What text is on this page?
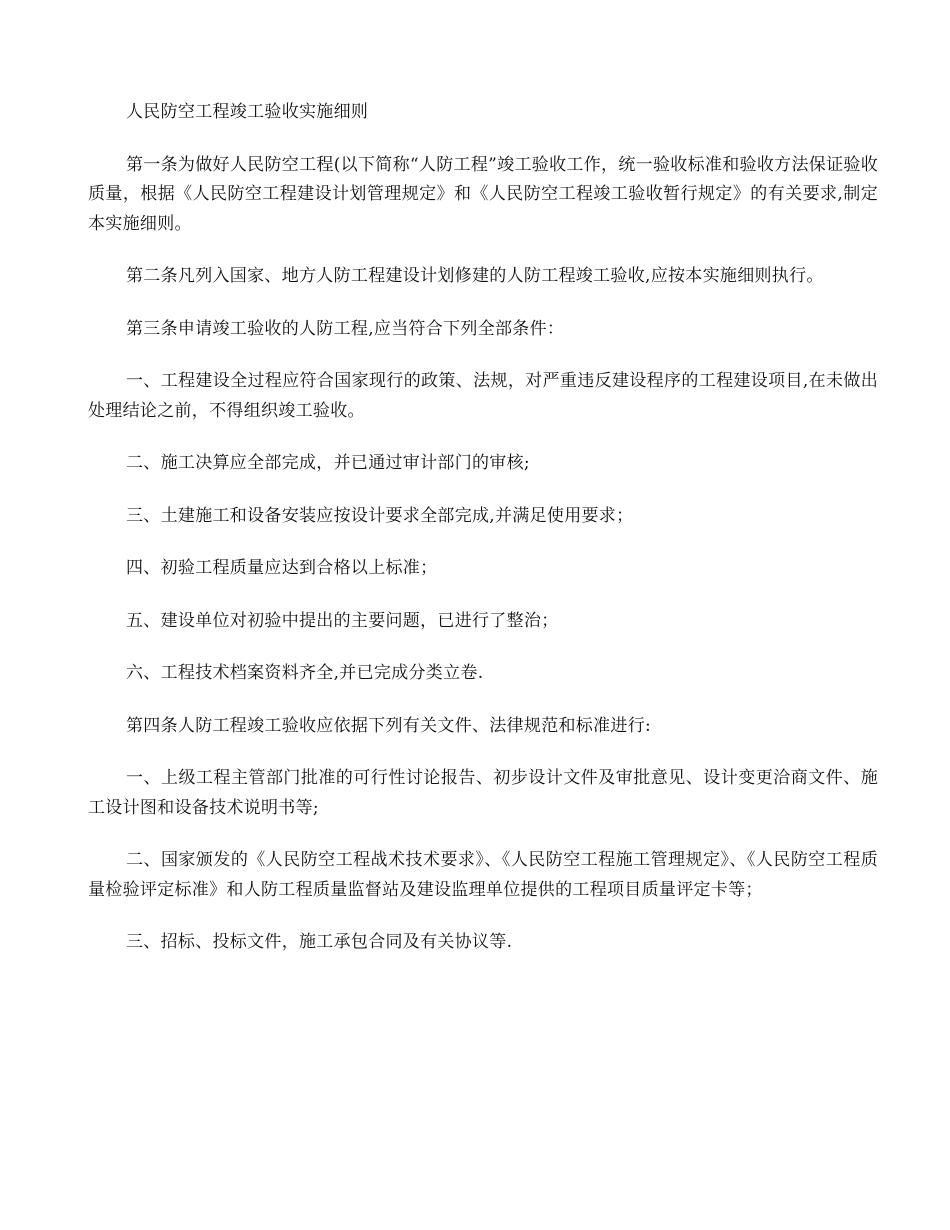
人民防空工程竣工验收实施细则

第一条为做好人民防空工程(以下简称“人防工程”竣工验收工作，统一验收标准和验收方法保证验收质量，根据《人民防空工程建设计划管理规定》和《人民防空工程竣工验收暂行规定》的有关要求,制定本实施细则。

第二条凡列入国家、地方人防工程建设计划修建的人防工程竣工验收,应按本实施细则执行。

第三条申请竣工验收的人防工程,应当符合下列全部条件：

一、工程建设全过程应符合国家现行的政策、法规，对严重违反建设程序的工程建设项目,在未做出处理结论之前，不得组织竣工验收。

二、施工决算应全部完成，并已通过审计部门的审核;

三、土建施工和设备安装应按设计要求全部完成,并满足使用要求；

四、初验工程质量应达到合格以上标准；

五、建设单位对初验中提出的主要问题，已进行了整治；

六、工程技术档案资料齐全,并已完成分类立卷.

第四条人防工程竣工验收应依据下列有关文件、法律规范和标准进行:

一、上级工程主管部门批准的可行性讨论报告、初步设计文件及审批意见、设计变更洽商文件、施工设计图和设备技术说明书等;

二、国家颁发的《人民防空工程战术技术要求》、《人民防空工程施工管理规定》、《人民防空工程质量检验评定标准》和人防工程质量监督站及建设监理单位提供的工程项目质量评定卡等；

三、招标、投标文件，施工承包合同及有关协议等.
